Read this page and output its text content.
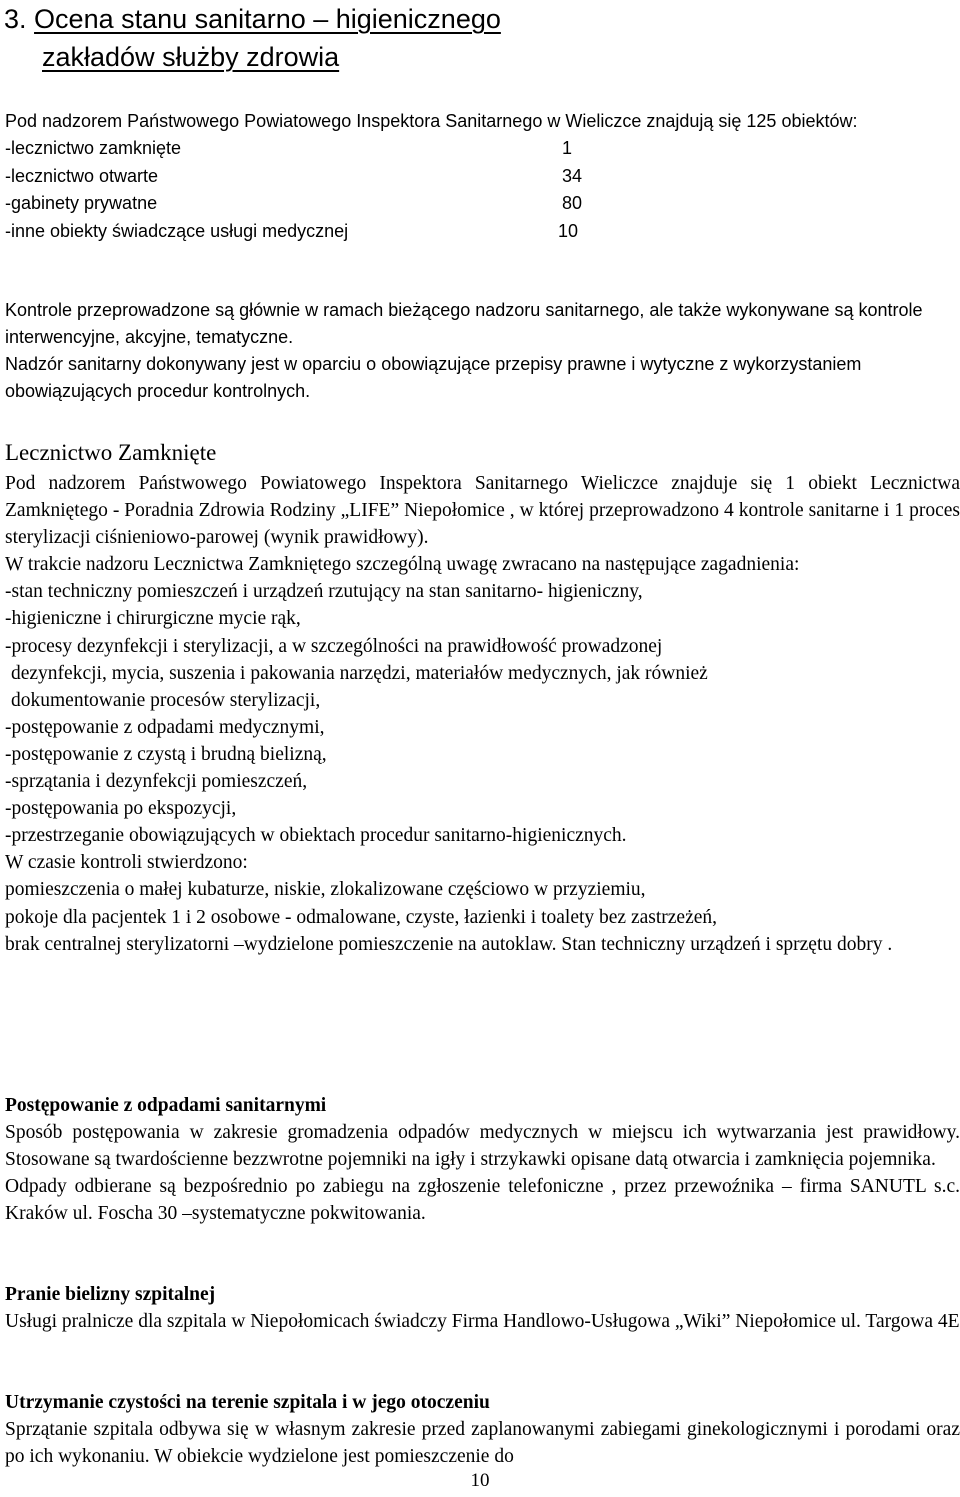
3. Ocena stanu sanitarno – higienicznego
zakładów służby zdrowia

Pod nadzorem Państwowego Powiatowego Inspektora Sanitarnego w Wieliczce znajdują się 125 obiektów:

-lecznictwo zamknięte	1
-lecznictwo otwarte	34
-gabinety prywatne	80
-inne obiekty świadczące usługi medycznej	10

Kontrole przeprowadzone są głównie w ramach bieżącego nadzoru sanitarnego, ale także wykonywane są kontrole interwencyjne, akcyjne, tematyczne.

Nadzór sanitarny dokonywany jest w oparciu o obowiązujące przepisy prawne i wytyczne z wykorzystaniem obowiązujących procedur kontrolnych.

Lecznictwo Zamknięte

Pod nadzorem Państwowego Powiatowego Inspektora Sanitarnego Wieliczce znajduje się 1 obiekt Lecznictwa Zamkniętego - Poradnia Zdrowia Rodziny „LIFE” Niepołomice , w której przeprowadzono 4 kontrole sanitarne i 1 proces sterylizacji ciśnieniowo-parowej (wynik prawidłowy).

W trakcie nadzoru Lecznictwa Zamkniętego szczególną uwagę zwracano na następujące zagadnienia:

-stan techniczny pomieszczeń i urządzeń rzutujący na stan sanitarno- higieniczny,
-higieniczne i chirurgiczne mycie rąk,
-procesy dezynfekcji i sterylizacji, a w szczególności na prawidłowość prowadzonej
dezynfekcji, mycia, suszenia i pakowania narzędzi, materiałów medycznych, jak również
dokumentowanie procesów sterylizacji,
-postępowanie z odpadami medycznymi,
-postępowanie z czystą i brudną bielizną,
-sprzątania i dezynfekcji pomieszczeń,
-postępowania po ekspozycji,
-przestrzeganie obowiązujących w obiektach procedur sanitarno-higienicznych.

W czasie kontroli stwierdzono:

pomieszczenia o małej kubaturze, niskie, zlokalizowane częściowo w przyziemiu,
pokoje dla pacjentek 1 i 2 osobowe - odmalowane, czyste, łazienki i toalety bez zastrzeżeń,
brak centralnej sterylizatorni –wydzielone pomieszczenie na autoklaw. Stan techniczny urządzeń i sprzętu dobry .
Postępowanie z odpadami sanitarnymi

Sposób postępowania w zakresie gromadzenia odpadów medycznych w miejscu ich wytwarzania jest prawidłowy. Stosowane są twardościenne bezzwrotne pojemniki na igły i strzykawki opisane datą otwarcia i zamknięcia pojemnika.

Odpady odbierane są bezpośrednio po zabiegu na zgłoszenie telefoniczne , przez przewoźnika – firma SANUTL s.c. Kraków ul. Foscha 30 –systematyczne pokwitowania.

Pranie bielizny szpitalnej

Usługi pralnicze dla szpitala w Niepołomicach świadczy Firma Handlowo-Usługowa „Wiki” Niepołomice ul. Targowa 4E

Utrzymanie czystości na terenie szpitala i w jego otoczeniu

Sprzątanie szpitala odbywa się w własnym zakresie przed zaplanowanymi zabiegami ginekologicznymi i porodami oraz po ich wykonaniu. W obiekcie wydzielone jest pomieszczenie do

10
